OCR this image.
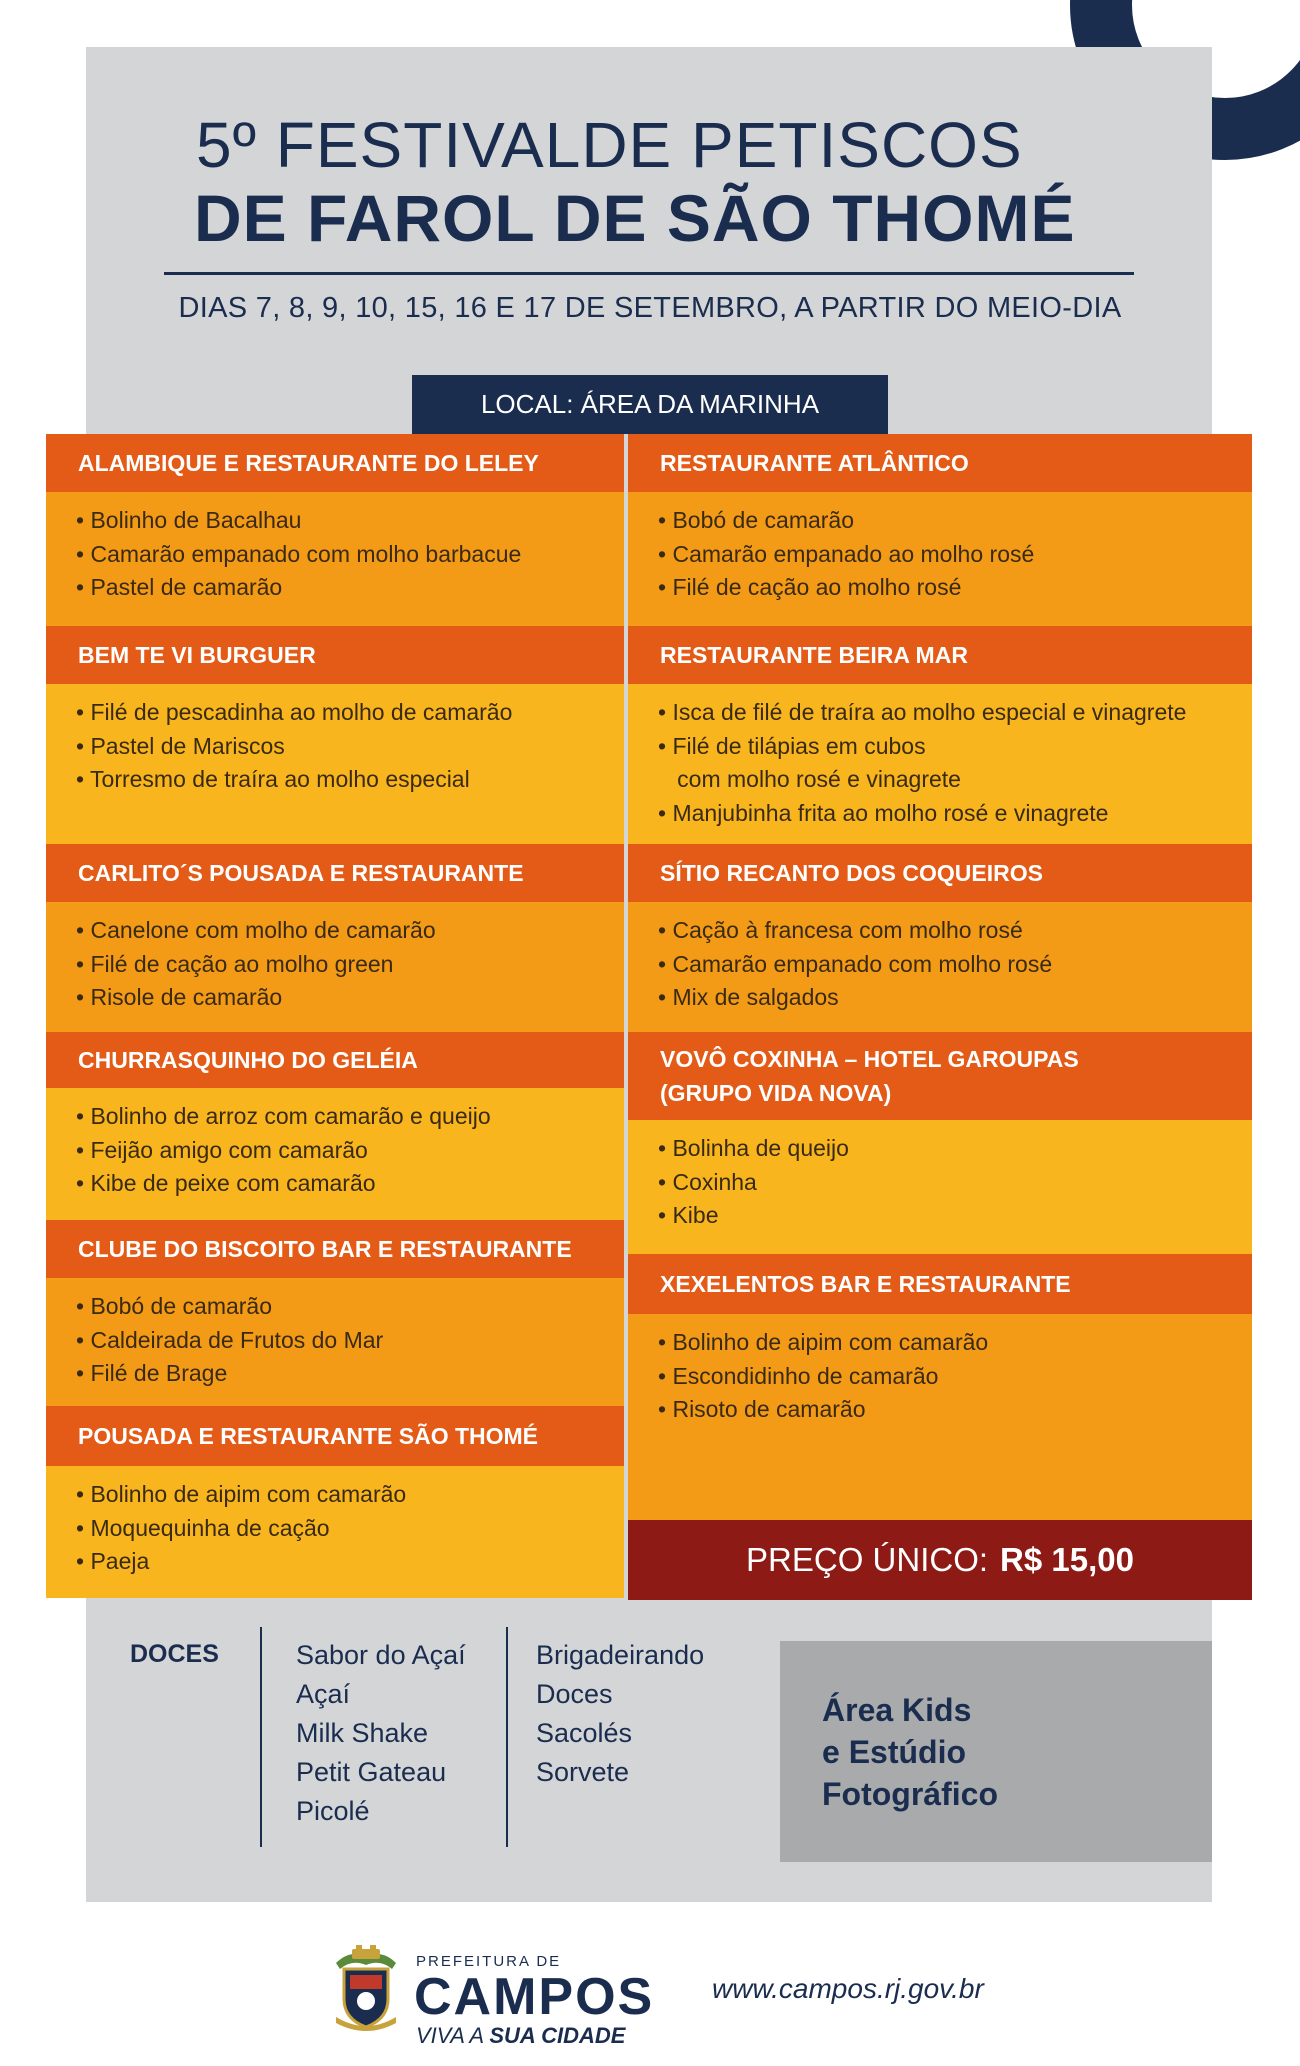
5º FESTIVALDE PETISCOS
DE FAROL DE SÃO THOMÉ
DIAS 7, 8, 9, 10, 15, 16 E 17 DE SETEMBRO, A PARTIR DO MEIO-DIA
LOCAL: ÁREA DA MARINHA
ALAMBIQUE E RESTAURANTE DO LELEY
• Bolinho de Bacalhau
• Camarão empanado com molho barbacue
• Pastel de camarão
BEM TE VI BURGUER
• Filé de pescadinha ao molho de camarão
• Pastel de Mariscos
• Torresmo de traíra ao molho especial
CARLITO´S POUSADA E RESTAURANTE
• Canelone com molho de camarão
• Filé de cação ao molho green
• Risole de camarão
CHURRASQUINHO DO GELÉIA
• Bolinho de arroz com camarão e queijo
• Feijão amigo com camarão
• Kibe de peixe com camarão
CLUBE DO BISCOITO BAR E RESTAURANTE
• Bobó de camarão
• Caldeirada de Frutos do Mar
• Filé de Brage
POUSADA E RESTAURANTE SÃO THOMÉ
• Bolinho de aipim com camarão
• Moquequinha de cação
• Paeja
RESTAURANTE ATLÂNTICO
• Bobó de camarão
• Camarão empanado ao molho rosé
• Filé de cação ao molho rosé
RESTAURANTE BEIRA MAR
• Isca de filé de traíra ao molho especial e vinagrete
• Filé de tilápias em cubos
com molho rosé e vinagrete
• Manjubinha frita ao molho rosé e vinagrete
SÍTIO RECANTO DOS COQUEIROS
• Cação à francesa com molho rosé
• Camarão empanado com molho rosé
• Mix de salgados
VOVÔ COXINHA – HOTEL GAROUPAS
(GRUPO VIDA NOVA)
• Bolinha de queijo
• Coxinha
• Kibe
XEXELENTOS BAR E RESTAURANTE
• Bolinho de aipim com camarão
• Escondidinho de camarão
• Risoto de camarão
PREÇO ÚNICO: R$ 15,00
DOCES	Sabor do Açaí
Açaí
Milk Shake
Petit Gateau
Picolé
Brigadeirando
Doces
Sacolés
Sorvete
Área Kids
e Estúdio
Fotográfico
PREFEITURA DE
CAMPOS
VIVA A SUA CIDADE
www.campos.rj.gov.br
